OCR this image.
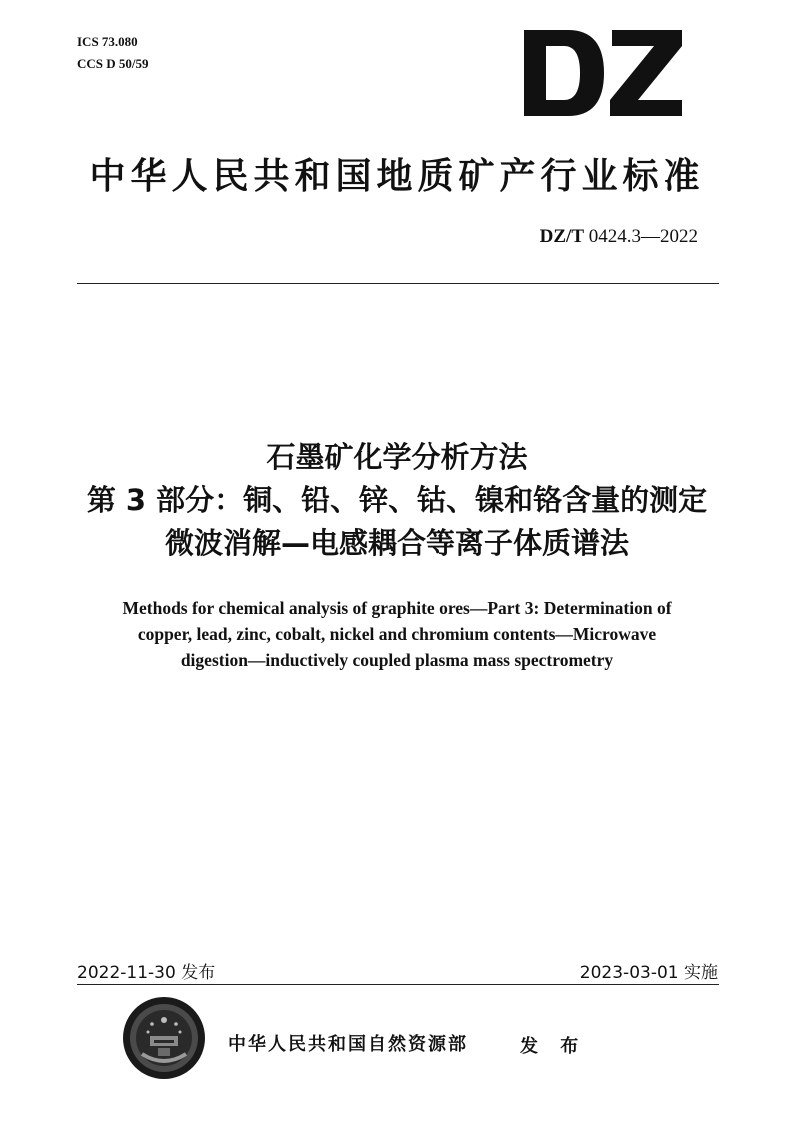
ICS 73.080
CCS D 50/59
中华人民共和国地质矿产行业标准
DZ/T 0424.3—2022
石墨矿化学分析方法
第 3 部分：铜、铅、锌、钴、镍和铬含量的测定
微波消解—电感耦合等离子体质谱法
Methods for chemical analysis of graphite ores—Part 3: Determination of
copper, lead, zinc, cobalt, nickel and chromium contents—Microwave
digestion—inductively coupled plasma mass spectrometry
2022-11-30 发布	2023-03-01 实施
中华人民共和国自然资源部	发 布
